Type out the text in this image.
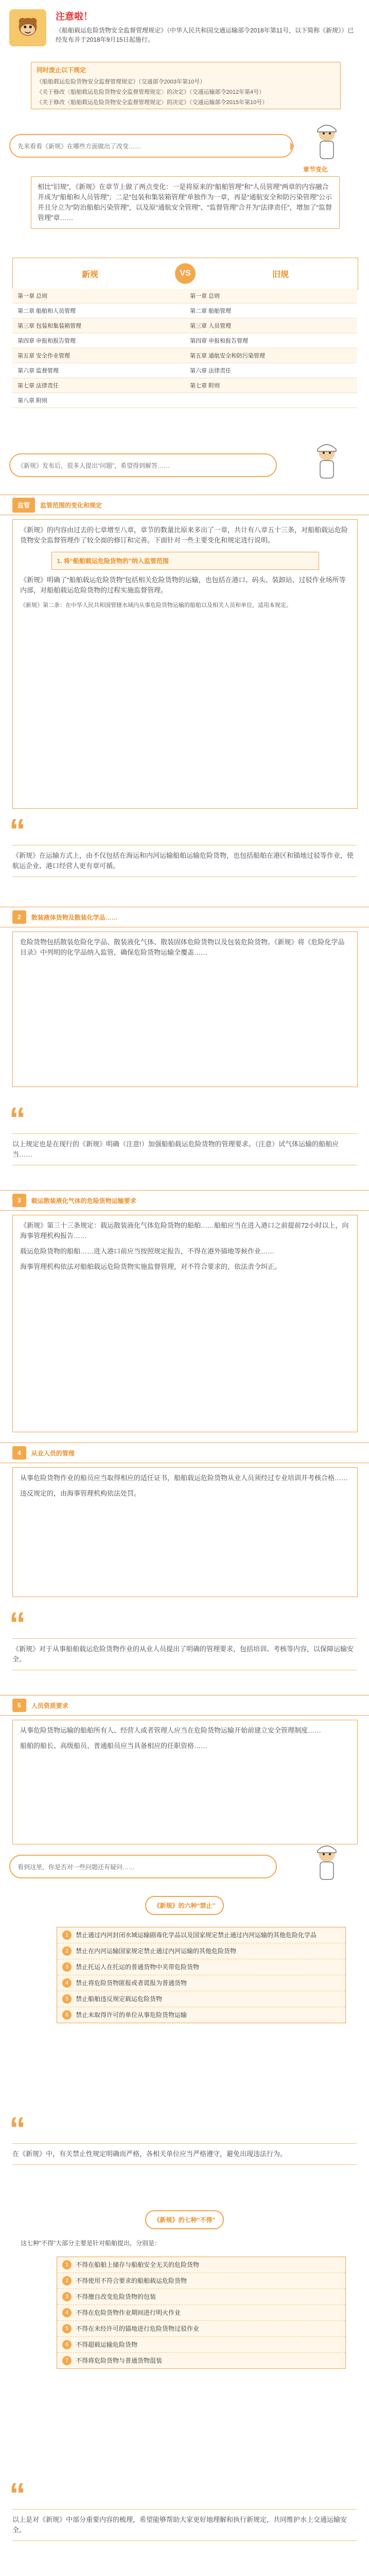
注意啦！
《船舶载运危险货物安全监督管理规定》（中华人民共和国交通运输部令2018年第11号，以下简称《新规》）已经发布并于2018年9月15日起施行。
同时废止以下规定
《船舶载运危险货物安全监督管理规定》（交通部令2003年第10号）
《关于修改〈船舶载运危险货物安全监督管理规定〉的决定》（交通运输部令2012年第4号）
《关于修改〈船舶载运危险货物安全监督管理规定〉的决定》（交通运输部令2015年第10号）
先来看看《新规》在哪些方面做出了改变……
章节变化
相比“旧规”，《新规》在章节上做了两点变化：一是将原来的“船舶管理”和“人员管理”两章的内容融合并成为“船舶和人员管理”；二是“包装和集装箱管理”单独作为一章，再是“通航安全和防污染管理”公示并且分立为“防治船舶污染管理”，以及原“通航安全管理”、“监督管理”合并为“法律责任”，增加了“监督管理”章……
新规	VS	旧规
第一章 总则	第一章 总则
第二章 船舶和人员管理	第二章 船舶管理
第三章 包装和集装箱管理	第三章 人员管理
第四章 申报和报告管理	第四章 申报和报告管理
第五章 安全作业管理	第五章 通航安全和防污染管理
第六章 监督管理	第六章 法律责任
第七章 法律责任	第七章 附则
第八章 附则
《新规》发布后，很多人提出“问题”，希望得到解答……
监管	监管范围的变化和规定
《新规》的内容由过去的七章增至八章，章节的数量比原来多出了一章，共计有八章五十三条，对船舶载运危险货物安全监督管理作了较全面的修订和完善。下面针对一些主要变化和规定进行说明。
1. 将“船舶载运危险货物的”纳入监管范围
《新规》明确了“船舶载运危险货物”包括相关危险货物的运输，也包括在港口、码头、装卸站、过驳作业场所等内部，对船舶载运危险货物的过程实施监督管理。
《新规》第二条：在中华人民共和国管辖水域内从事危险货物运输的船舶以及相关人员和单位，适用本规定。
“
《新规》在运输方式上，由不仅包括在海运和内河运输船舶运输危险货物，也包括船舶在港区和锚地过驳等作业，使航运企业、港口经营人更有章可循。
2	散装液体货物及散装化学品……
危险货物包括散装危险化学品、散装液化气体、散装固体危险货物以及包装危险货物。《新规》将《危险化学品目录》中列明的化学品纳入监管，确保危险货物运输全覆盖……
“
以上规定也是在现行的《新规》明确（注意!）加强船舶载运危险货物的管理要求。（注意）试气体运输的船舶应当……
3	载运散装液化气体的危险货物运输要求
《新规》第三十三条规定：载运散装液化气体危险货物的船舶……船舶应当在进入港口之前提前72小时以上，向海事管理机构报告……
载运危险货物的船舶……进入港口前应当按照规定报告，不得在港外锚地等候作业……
海事管理机构依法对船舶载运危险货物实施监督管理，对不符合要求的，依法责令纠正。
4	从业人员的管理
从事危险货物作业的船员应当取得相应的适任证书，船舶载运危险货物从业人员须经过专业培训并考核合格……
违反规定的，由海事管理机构依法处罚。
“
《新规》对于从事船舶载运危险货物作业的从业人员提出了明确的管理要求，包括培训、考核等内容，以保障运输安全。
5	人员资质要求
从事危险货物运输的船舶所有人、经营人或者管理人应当在危险货物运输开始前建立安全管理制度……
船舶的船长、高级船员、普通船员应当具备相应的任职资格……
看到这里，你是否对一些问题还有疑问……
《新规》的六种“禁止”
1	禁止通过内河封闭水域运输剧毒化学品以及国家规定禁止通过内河运输的其他危险化学品
2	禁止在内河运输国家规定禁止通过内河运输的其他危险货物
3	禁止托运人在托运的普通货物中夹带危险货物
4	禁止将危险货物匿报或者谎报为普通货物
5	禁止船舶违反规定载运危险货物
6	禁止未取得许可的单位从事危险货物运输
“
在《新规》中，有关禁止性规定明确而严格，各相关单位应当严格遵守，避免出现违法行为。
《新规》的七种“不得”
这七种“不得”大部分主要是针对船舶提出，分别是：
1	不得在船舶上储存与船舶安全无关的危险货物
2	不得使用不符合要求的船舶载运危险货物
3	不得擅自改变危险货物的包装
4	不得在危险货物作业期间进行明火作业
5	不得在未经许可的锚地进行危险货物过驳作业
6	不得超载运输危险货物
7	不得将危险货物与普通货物混装
“
以上是对《新规》中部分重要内容的梳理，希望能够帮助大家更好地理解和执行新规定，共同维护水上交通运输安全。
